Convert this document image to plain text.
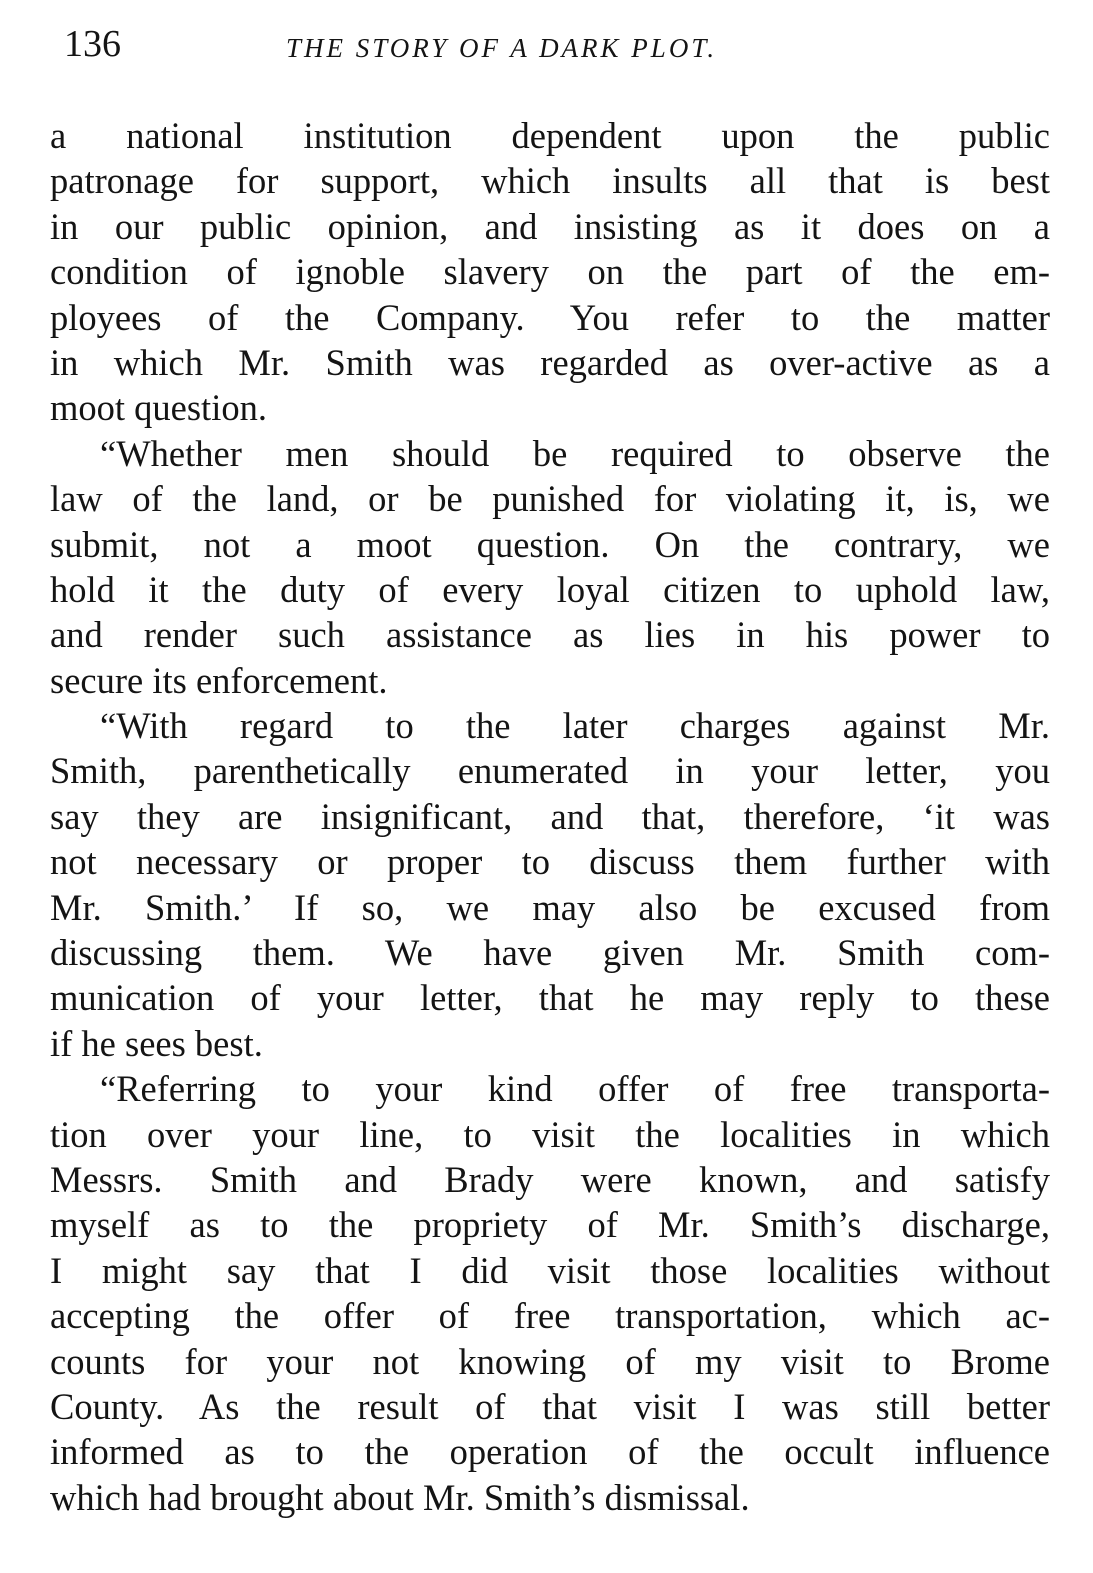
136	THE STORY OF A DARK PLOT.
a national institution dependent upon the public
patronage for support, which insults all that is best
in our public opinion, and insisting as it does on a
condition of ignoble slavery on the part of the em-
ployees of the Company. You refer to the matter
in which Mr. Smith was regarded as over-active as a
moot question.
“Whether men should be required to observe the
law of the land, or be punished for violating it, is, we
submit, not a moot question. On the contrary, we
hold it the duty of every loyal citizen to uphold law,
and render such assistance as lies in his power to
secure its enforcement.
“With regard to the later charges against Mr.
Smith, parenthetically enumerated in your letter, you
say they are insignificant, and that, therefore, ‘it was
not necessary or proper to discuss them further with
Mr. Smith.’ If so, we may also be excused from
discussing them. We have given Mr. Smith com-
munication of your letter, that he may reply to these
if he sees best.
“Referring to your kind offer of free transporta-
tion over your line, to visit the localities in which
Messrs. Smith and Brady were known, and satisfy
myself as to the propriety of Mr. Smith’s discharge,
I might say that I did visit those localities without
accepting the offer of free transportation, which ac-
counts for your not knowing of my visit to Brome
County. As the result of that visit I was still better
informed as to the operation of the occult influence
which had brought about Mr. Smith’s dismissal.
